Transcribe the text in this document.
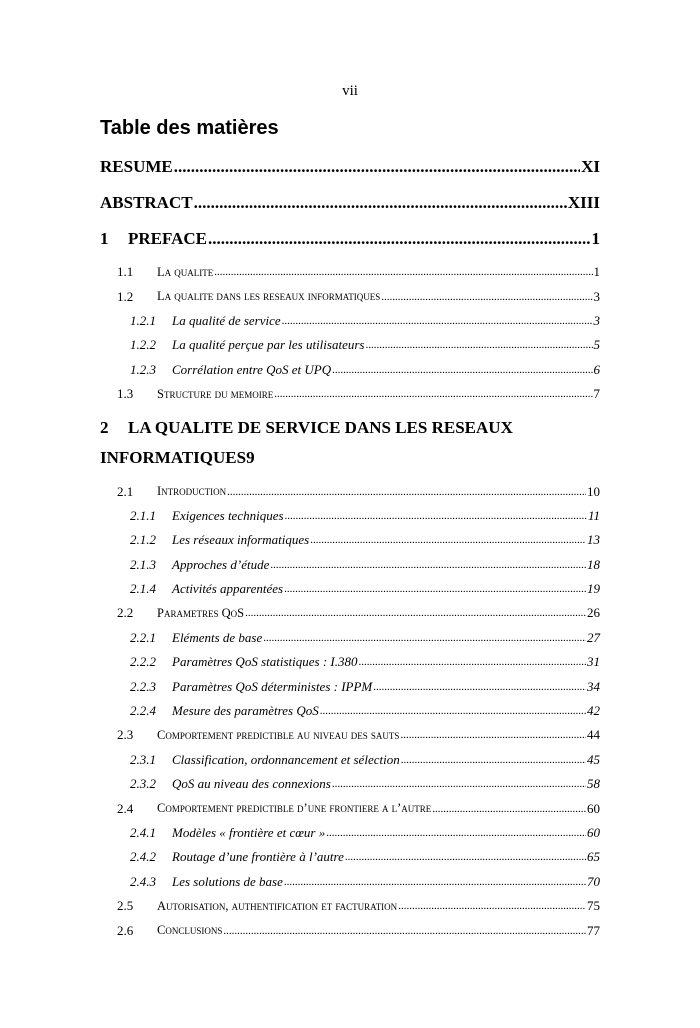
vii
Table des matières
RESUME .....	XI
ABSTRACT .....	XIII
1	PREFACE .....	1
1.1	La qualite .....	1
1.2	La qualite dans les reseaux informatiques .....	3
1.2.1	La qualité de service .....	3
1.2.2	La qualité perçue par les utilisateurs .....	5
1.2.3	Corrélation entre QoS et UPQ .....	6
1.3	Structure du memoire .....	7
2	LA QUALITE DE SERVICE DANS LES RESEAUX
INFORMATIQUES 9
2.1	Introduction .....	10
2.1.1	Exigences techniques .....	11
2.1.2	Les réseaux informatiques .....	13
2.1.3	Approches d’étude .....	18
2.1.4	Activités apparentées .....	19
2.2	Parametres QoS .....	26
2.2.1	Eléments de base .....	27
2.2.2	Paramètres QoS statistiques : I.380 .....	31
2.2.3	Paramètres QoS déterministes : IPPM .....	34
2.2.4	Mesure des paramètres QoS .....	42
2.3	Comportement predictible au niveau des sauts .....	44
2.3.1	Classification, ordonnancement et sélection .....	45
2.3.2	QoS au niveau des connexions .....	58
2.4	Comportement predictible d’une frontiere a l’autre .....	60
2.4.1	Modèles « frontière et cœur » .....	60
2.4.2	Routage d’une frontière à l’autre .....	65
2.4.3	Les solutions de base .....	70
2.5	Autorisation, authentification et facturation .....	75
2.6	Conclusions .....	77
